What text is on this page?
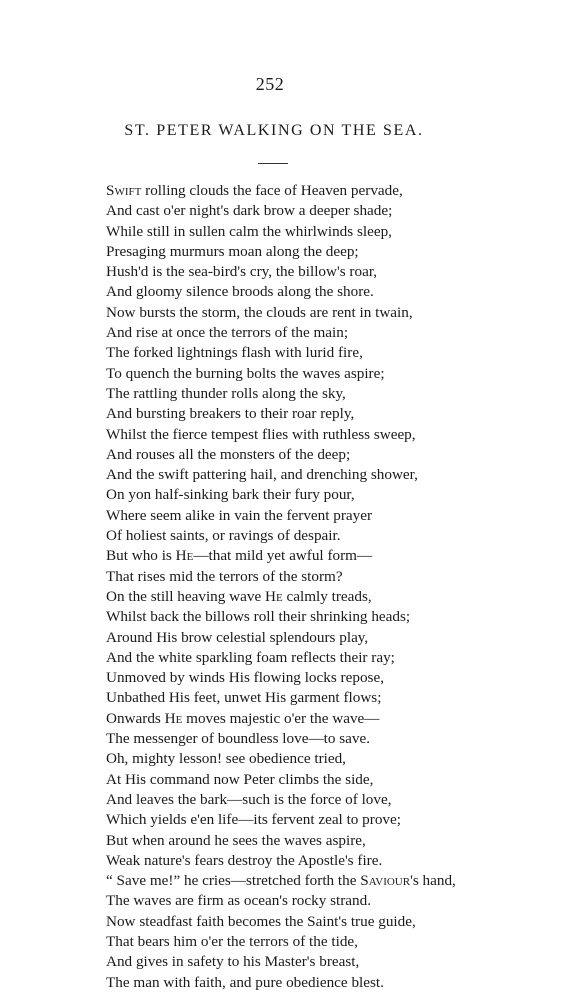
252
ST. PETER WALKING ON THE SEA.
Swift rolling clouds the face of Heaven pervade,
And cast o'er night's dark brow a deeper shade;
While still in sullen calm the whirlwinds sleep,
Presaging murmurs moan along the deep;
Hush'd is the sea-bird's cry, the billow's roar,
And gloomy silence broods along the shore.
Now bursts the storm, the clouds are rent in twain,
And rise at once the terrors of the main;
The forked lightnings flash with lurid fire,
To quench the burning bolts the waves aspire;
The rattling thunder rolls along the sky,
And bursting breakers to their roar reply,
Whilst the fierce tempest flies with ruthless sweep,
And rouses all the monsters of the deep;
And the swift pattering hail, and drenching shower,
On yon half-sinking bark their fury pour,
Where seem alike in vain the fervent prayer
Of holiest saints, or ravings of despair.
But who is He—that mild yet awful form—
That rises mid the terrors of the storm?
On the still heaving wave He calmly treads,
Whilst back the billows roll their shrinking heads;
Around His brow celestial splendours play,
And the white sparkling foam reflects their ray;
Unmoved by winds His flowing locks repose,
Unbathed His feet, unwet His garment flows;
Onwards He moves majestic o'er the wave—
The messenger of boundless love—to save.
Oh, mighty lesson! see obedience tried,
At His command now Peter climbs the side,
And leaves the bark—such is the force of love,
Which yields e'en life—its fervent zeal to prove;
But when around he sees the waves aspire,
Weak nature's fears destroy the Apostle's fire.
“ Save me!” he cries—stretched forth the Saviour's hand,
The waves are firm as ocean's rocky strand.
Now steadfast faith becomes the Saint's true guide,
That bears him o'er the terrors of the tide,
And gives in safety to his Master's breast,
The man with faith, and pure obedience blest.
